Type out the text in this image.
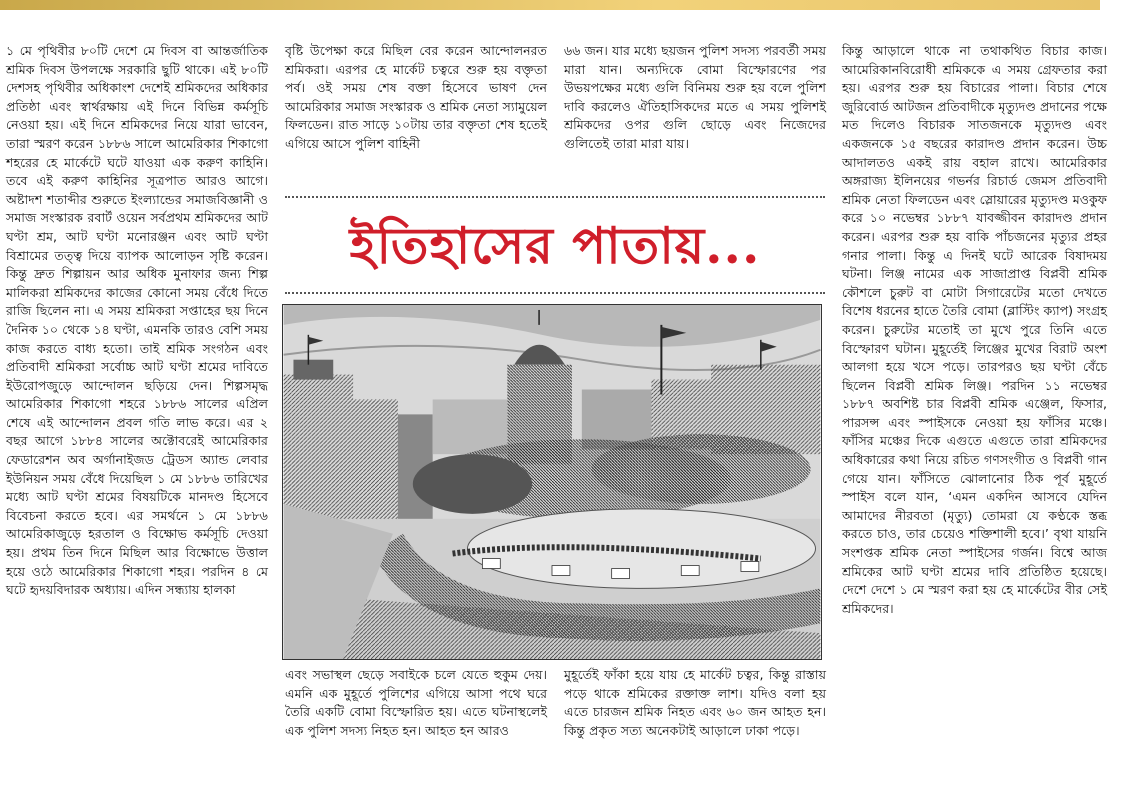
১ মে পৃথিবীর ৮০টি দেশে মে দিবস বা আন্তর্জাতিক শ্রমিক দিবস উপলক্ষে সরকারি ছুটি থাকে। এই ৮০টি দেশসহ পৃথিবীর অধিকাংশ দেশেই শ্রমিকদের অধিকার প্রতিষ্ঠা এবং স্বার্থরক্ষায় এই দিনে বিভিন্ন কর্মসূচি নেওয়া হয়। এই দিনে শ্রমিকদের নিয়ে যারা ভাবেন, তারা স্মরণ করেন ১৮৮৬ সালে আমেরিকার শিকাগো শহরের হে মার্কেটে ঘটে যাওয়া এক করুণ কাহিনি। তবে এই করুণ কাহিনির সূত্রপাত আরও আগে। অষ্টাদশ শতাব্দীর শুরুতে ইংল্যান্ডের সমাজবিজ্ঞানী ও সমাজ সংস্কারক রবার্ট ওয়েন সর্বপ্রথম শ্রমিকদের আট ঘণ্টা শ্রম, আট ঘণ্টা মনোরঞ্জন এবং আট ঘণ্টা বিশ্রামের তত্ত্ব দিয়ে ব্যাপক আলোড়ন সৃষ্টি করেন। কিন্তু দ্রুত শিল্পায়ন আর অধিক মুনাফার জন্য শিল্প মালিকরা শ্রমিকদের কাজের কোনো সময় বেঁধে দিতে রাজি ছিলেন না। এ সময় শ্রমিকরা সপ্তাহের ছয় দিনে দৈনিক ১০ থেকে ১৪ ঘণ্টা, এমনকি তারও বেশি সময় কাজ করতে বাধ্য হতো। তাই শ্রমিক সংগঠন এবং প্রতিবাদী শ্রমিকরা সর্বোচ্চ আট ঘণ্টা শ্রমের দাবিতে ইউরোপজুড়ে আন্দোলন ছড়িয়ে দেন। শিল্পসমৃদ্ধ আমেরিকার শিকাগো শহরে ১৮৮৬ সালের এপ্রিল শেষে এই আন্দোলন প্রবল গতি লাভ করে। এর ২ বছর আগে ১৮৮৪ সালের অক্টোবরেই আমেরিকার ফেডারেশন অব অর্গানাইজড ট্রেডস অ্যান্ড লেবার ইউনিয়ন সময় বেঁধে দিয়েছিল ১ মে ১৮৮৬ তারিখের মধ্যে আট ঘণ্টা শ্রমের বিষয়টিকে মানদণ্ড হিসেবে বিবেচনা করতে হবে। এর সমর্থনে ১ মে ১৮৮৬ আমেরিকাজুড়ে হরতাল ও বিক্ষোভ কর্মসূচি দেওয়া হয়। প্রথম তিন দিনে মিছিল আর বিক্ষোভে উত্তাল হয়ে ওঠে আমেরিকার শিকাগো শহর। পরদিন ৪ মে ঘটে হৃদয়বিদারক অধ্যায়। এদিন সন্ধ্যায় হালকা

বৃষ্টি উপেক্ষা করে মিছিল বের করেন আন্দোলনরত শ্রমিকরা। এরপর হে মার্কেট চত্বরে শুরু হয় বক্তৃতা পর্ব। ওই সময় শেষ বক্তা হিসেবে ভাষণ দেন আমেরিকার সমাজ সংস্কারক ও শ্রমিক নেতা স্যামুয়েল ফিলডেন। রাত সাড়ে ১০টায় তার বক্তৃতা শেষ হতেই এগিয়ে আসে পুলিশ বাহিনী

৬৬ জন। যার মধ্যে ছয়জন পুলিশ সদস্য পরবর্তী সময় মারা যান। অন্যদিকে বোমা বিস্ফোরণের পর উভয়পক্ষের মধ্যে গুলি বিনিময় শুরু হয় বলে পুলিশ দাবি করলেও ঐতিহাসিকদের মতে এ সময় পুলিশই শ্রমিকদের ওপর গুলি ছোড়ে এবং নিজেদের গুলিতেই তারা মারা যায়।

ইতিহাসের পাতায়...

এবং সভাস্থল ছেড়ে সবাইকে চলে যেতে হুকুম দেয়। এমনি এক মুহূর্তে পুলিশের এগিয়ে আসা পথে ঘরে তৈরি একটি বোমা বিস্ফোরিত হয়। এতে ঘটনাস্থলেই এক পুলিশ সদস্য নিহত হন। আহত হন আরও

মুহূর্তেই ফাঁকা হয়ে যায় হে মার্কেট চত্বর, কিন্তু রাস্তায় পড়ে থাকে শ্রমিকের রক্তাক্ত লাশ। যদিও বলা হয় এতে চারজন শ্রমিক নিহত এবং ৬০ জন আহত হন। কিন্তু প্রকৃত সত্য অনেকটাই আড়ালে ঢাকা পড়ে।

কিন্তু আড়ালে থাকে না তথাকথিত বিচার কাজ। আমেরিকানবিরোধী শ্রমিককে এ সময় গ্রেফতার করা হয়। এরপর শুরু হয় বিচারের পালা। বিচার শেষে জুরিবোর্ড আটজন প্রতিবাদীকে মৃত্যুদণ্ড প্রদানের পক্ষে মত দিলেও বিচারক সাতজনকে মৃত্যুদণ্ড এবং একজনকে ১৫ বছরের কারাদণ্ড প্রদান করেন। উচ্চ আদালতও একই রায় বহাল রাখে। আমেরিকার অঙ্গরাজ্য ইলিনয়ের গভর্নর রিচার্ড জেমস প্রতিবাদী শ্রমিক নেতা ফিলডেন এবং স্লোয়ারের মৃত্যুদণ্ড মওকুফ করে ১০ নভেম্বর ১৮৮৭ যাবজ্জীবন কারাদণ্ড প্রদান করেন। এরপর শুরু হয় বাকি পাঁচজনের মৃত্যুর প্রহর গনার পালা। কিন্তু এ দিনই ঘটে আরেক বিষাদময় ঘটনা। লিঞ্জ নামের এক সাজাপ্রাপ্ত বিপ্লবী শ্রমিক কৌশলে চুরুট বা মোটা সিগারেটের মতো দেখতে বিশেষ ধরনের হাতে তৈরি বোমা (ব্লাস্টিং ক্যাপ) সংগ্রহ করেন। চুরুটের মতোই তা মুখে পুরে তিনি এতে বিস্ফোরণ ঘটান। মুহূর্তেই লিঞ্জের মুখের বিরাট অংশ আলগা হয়ে খসে পড়ে। তারপরও ছয় ঘণ্টা বেঁচে ছিলেন বিপ্লবী শ্রমিক লিঞ্জ। পরদিন ১১ নভেম্বর ১৮৮৭ অবশিষ্ট চার বিপ্লবী শ্রমিক এঞ্জেল, ফিসার, পারসন্স এবং স্পাইসকে নেওয়া হয় ফাঁসির মঞ্চে। ফাঁসির মঞ্চের দিকে এগুতে এগুতে তারা শ্রমিকদের অধিকারের কথা নিয়ে রচিত গণসংগীত ও বিপ্লবী গান গেয়ে যান। ফাঁসিতে ঝোলানোর ঠিক পূর্ব মুহূর্তে স্পাইস বলে যান, ‘এমন একদিন আসবে যেদিন আমাদের নীরবতা (মৃত্যু) তোমরা যে কণ্ঠকে স্তব্ধ করতে চাও, তার চেয়েও শক্তিশালী হবে।’ বৃথা যায়নি সংশপ্তক শ্রমিক নেতা স্পাইসের গর্জন। বিশ্বে আজ শ্রমিকের আট ঘণ্টা শ্রমের দাবি প্রতিষ্ঠিত হয়েছে। দেশে দেশে ১ মে স্মরণ করা হয় হে মার্কেটের বীর সেই শ্রমিকদের।
